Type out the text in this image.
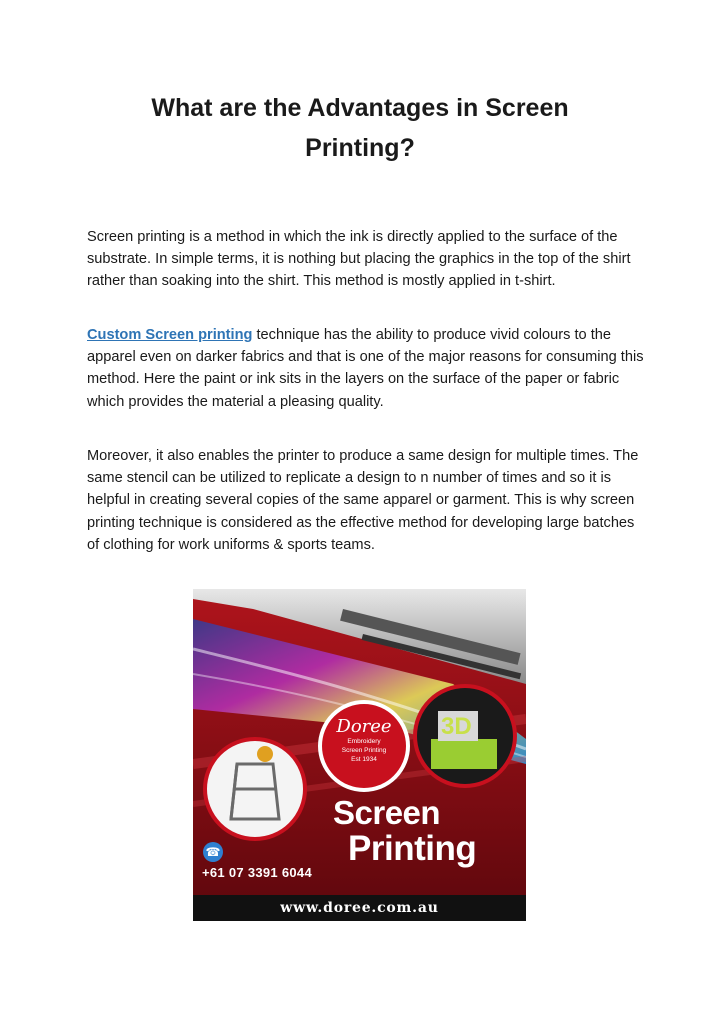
What are the Advantages in Screen Printing?

Screen printing is a method in which the ink is directly applied to the surface of the substrate. In simple terms, it is nothing but placing the graphics in the top of the shirt rather than soaking into the shirt. This method is mostly applied in t-shirt.

Custom Screen printing technique has the ability to produce vivid colours to the apparel even on darker fabrics and that is one of the major reasons for consuming this method. Here the paint or ink sits in the layers on the surface of the paper or fabric which provides the material a pleasing quality.

Moreover, it also enables the printer to produce a same design for multiple times. The same stencil can be utilized to replicate a design to n number of times and so it is helpful in creating several copies of the same apparel or garment. This is why screen printing technique is considered as the effective method for developing large batches of clothing for work uniforms & sports teams.

3D
Doree
Embroidery
Screen Printing
Est 1934
Screen
Printing
☎
+61 07 3391 6044
www.doree.com.au
